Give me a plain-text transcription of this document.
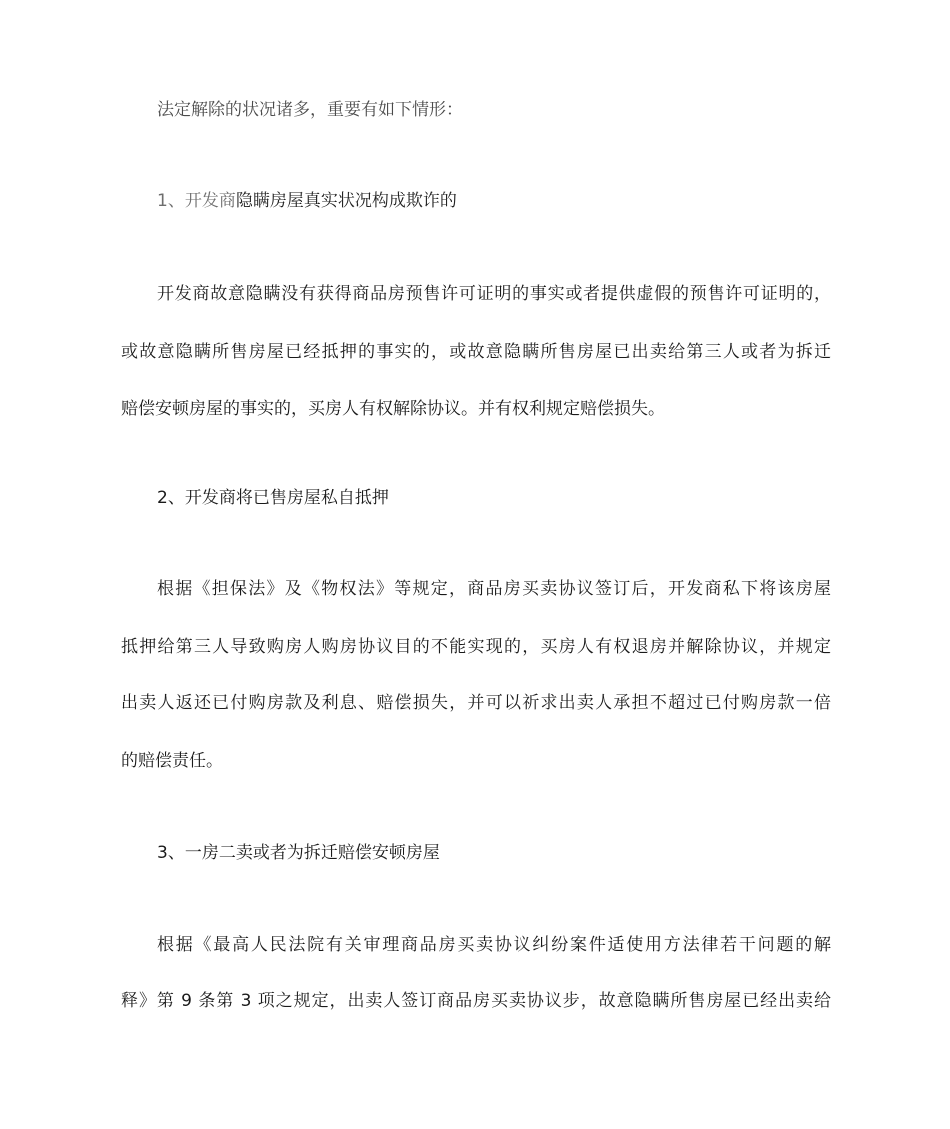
法定解除的状况诸多，重要有如下情形：
1、开发商隐瞒房屋真实状况构成欺诈的
开发商故意隐瞒没有获得商品房预售许可证明的事实或者提供虚假的预售许可证明的，
或故意隐瞒所售房屋已经抵押的事实的，或故意隐瞒所售房屋已出卖给第三人或者为拆迁
赔偿安顿房屋的事实的，买房人有权解除协议。并有权利规定赔偿损失。
2、开发商将已售房屋私自抵押
根据《担保法》及《物权法》等规定，商品房买卖协议签订后，开发商私下将该房屋
抵押给第三人导致购房人购房协议目的不能实现的，买房人有权退房并解除协议，并规定
出卖人返还已付购房款及利息、赔偿损失，并可以祈求出卖人承担不超过已付购房款一倍
的赔偿责任。
3、一房二卖或者为拆迁赔偿安顿房屋
根据《最高人民法院有关审理商品房买卖协议纠纷案件适使用方法律若干问题的解
释》第 9 条第 3 项之规定，出卖人签订商品房买卖协议步，故意隐瞒所售房屋已经出卖给
